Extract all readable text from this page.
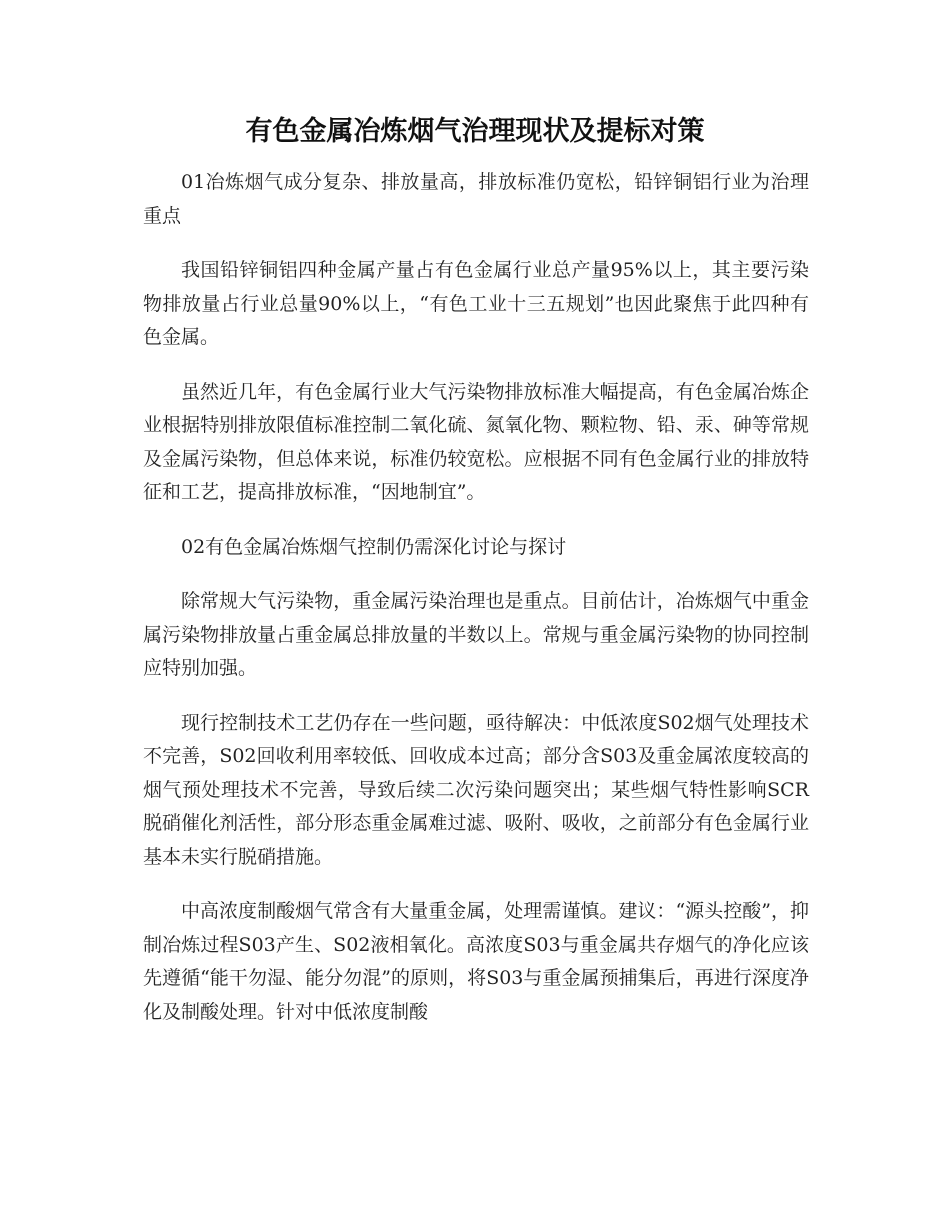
有色金属冶炼烟气治理现状及提标对策

01冶炼烟气成分复杂、排放量高，排放标准仍宽松，铅锌铜铝行业为治理重点

我国铅锌铜铝四种金属产量占有色金属行业总产量95%以上，其主要污染物排放量占行业总量90%以上，“有色工业十三五规划”也因此聚焦于此四种有色金属。

虽然近几年，有色金属行业大气污染物排放标准大幅提高，有色金属冶炼企业根据特别排放限值标准控制二氧化硫、氮氧化物、颗粒物、铅、汞、砷等常规及金属污染物，但总体来说，标准仍较宽松。应根据不同有色金属行业的排放特征和工艺，提高排放标准，“因地制宜”。

02有色金属冶炼烟气控制仍需深化讨论与探讨

除常规大气污染物，重金属污染治理也是重点。目前估计，冶炼烟气中重金属污染物排放量占重金属总排放量的半数以上。常规与重金属污染物的协同控制应特别加强。

现行控制技术工艺仍存在一些问题，亟待解决：中低浓度S02烟气处理技术不完善，S02回收利用率较低、回收成本过高；部分含S03及重金属浓度较高的烟气预处理技术不完善，导致后续二次污染问题突出；某些烟气特性影响SCR脱硝催化剂活性，部分形态重金属难过滤、吸附、吸收，之前部分有色金属行业基本未实行脱硝措施。

中高浓度制酸烟气常含有大量重金属，处理需谨慎。建议：“源头控酸”，抑制冶炼过程S03产生、S02液相氧化。高浓度S03与重金属共存烟气的净化应该先遵循“能干勿湿、能分勿混”的原则，将S03与重金属预捕集后，再进行深度净化及制酸处理。针对中低浓度制酸
